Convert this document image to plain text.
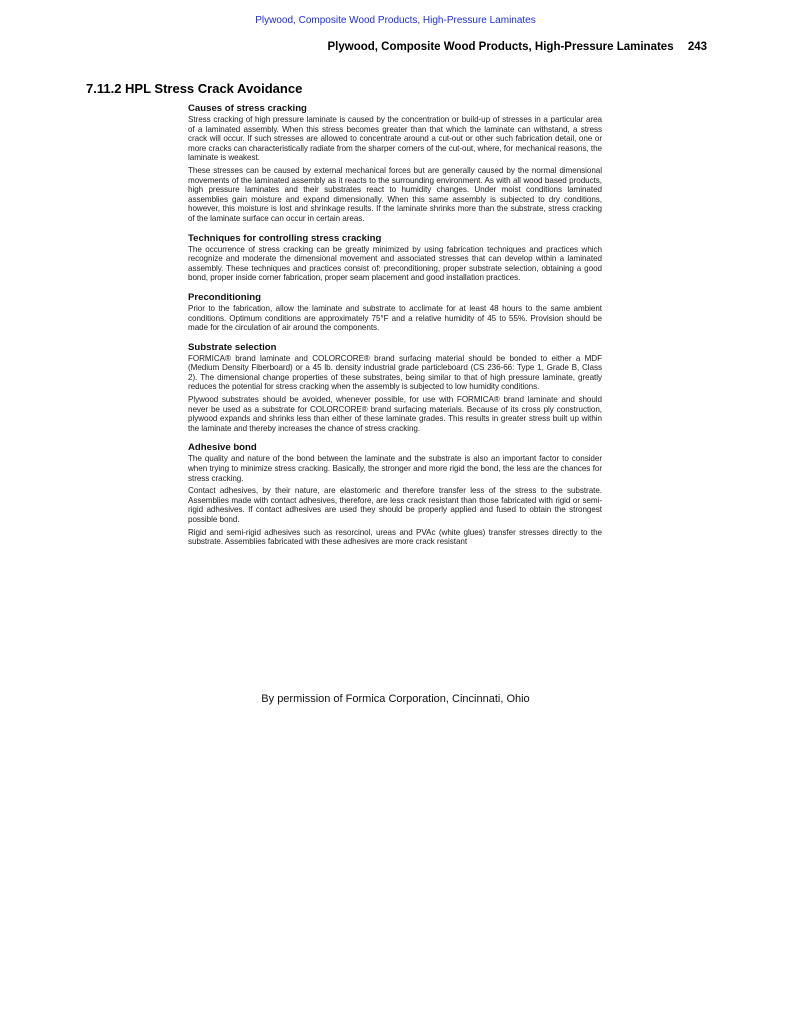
Plywood, Composite Wood Products, High-Pressure Laminates
Plywood, Composite Wood Products, High-Pressure Laminates 243
7.11.2 HPL Stress Crack Avoidance
Causes of stress cracking

Stress cracking of high pressure laminate is caused by the concentration or build-up of stresses in a particular area of a laminated assembly. When this stress becomes greater than that which the laminate can withstand, a stress crack will occur. If such stresses are allowed to concentrate around a cut-out or other such fabrication detail, one or more cracks can characteristically radiate from the sharper corners of the cut-out, where, for mechanical reasons, the laminate is weakest.

These stresses can be caused by external mechanical forces but are generally caused by the normal dimensional movements of the laminated assembly as it reacts to the surrounding environment. As with all wood based products, high pressure laminates and their substrates react to humidity changes. Under moist conditions laminated assemblies gain moisture and expand dimensionally. When this same assembly is subjected to dry conditions, however, this moisture is lost and shrinkage results. If the laminate shrinks more than the substrate, stress cracking of the laminate surface can occur in certain areas.

Techniques for controlling stress cracking

The occurrence of stress cracking can be greatly minimized by using fabrication techniques and practices which recognize and moderate the dimensional movement and associated stresses that can develop within a laminated assembly. These techniques and practices consist of: preconditioning, proper substrate selection, obtaining a good bond, proper inside corner fabrication, proper seam placement and good installation practices.

Preconditioning

Prior to the fabrication, allow the laminate and substrate to acclimate for at least 48 hours to the same ambient conditions. Optimum conditions are approximately 75°F and a relative humidity of 45 to 55%. Provision should be made for the circulation of air around the components.

Substrate selection

FORMICA® brand laminate and COLORCORE® brand surfacing material should be bonded to either a MDF (Medium Density Fiberboard) or a 45 lb. density industrial grade particleboard (CS 236-66: Type 1, Grade B, Class 2). The dimensional change properties of these substrates, being similar to that of high pressure laminate, greatly reduces the potential for stress cracking when the assembly is subjected to low humidity conditions.

Plywood substrates should be avoided, whenever possible, for use with FORMICA® brand laminate and should never be used as a substrate for COLORCORE® brand surfacing materials. Because of its cross ply construction, plywood expands and shrinks less than either of these laminate grades. This results in greater stress built up within the laminate and thereby increases the chance of stress cracking.

Adhesive bond

The quality and nature of the bond between the laminate and the substrate is also an important factor to consider when trying to minimize stress cracking. Basically, the stronger and more rigid the bond, the less are the chances for stress cracking.

Contact adhesives, by their nature, are elastomeric and therefore transfer less of the stress to the substrate. Assemblies made with contact adhesives, therefore, are less crack resistant than those fabricated with rigid or semi-rigid adhesives. If contact adhesives are used they should be properly applied and fused to obtain the strongest possible bond.

Rigid and semi-rigid adhesives such as resorcinol, ureas and PVAc (white glues) transfer stresses directly to the substrate. Assemblies fabricated with these adhesives are more crack resistant

By permission of Formica Corporation, Cincinnati, Ohio
